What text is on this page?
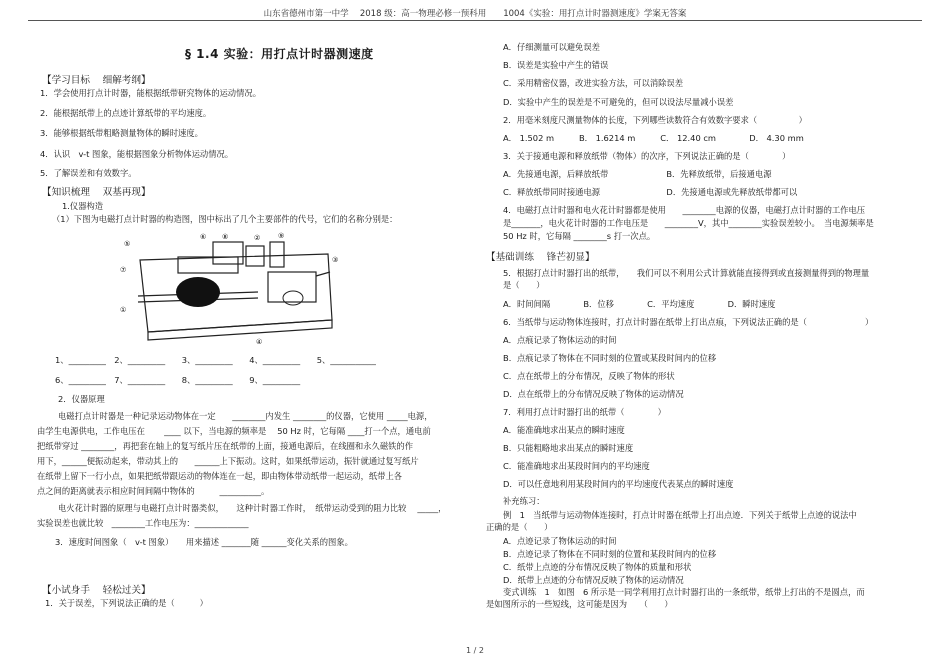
山东省德州市第一中学　 2018 级：高一物理必修一预科用　　1004《实验：用打点计时器测速度》学案无答案
§ 1.4 实验：用打点计时器测速度
【学习目标　 细解考纲】
1．学会使用打点计时器，能根据纸带研究物体的运动情况。
2．能根据纸带上的点迹计算纸带的平均速度。
3．能够根据纸带粗略测量物体的瞬时速度。
4．认识　v-t 图象，能根据图象分析物体运动情况。
5．了解误差和有效数字。
【知识梳理　 双基再现】
1.仪器构造
（1）下图为电磁打点计时器的构造图，图中标出了几个主要部件的代号，它们的名称分别是：
⑤
⑥ ⑧	②	⑨
⑦
①
③
④
1、_________　2、_________　　3、_________　　4、_________　　5、___________
6、_________　7、_________　　8、_________　　9、_________
2．仪器原理
电磁打点计时器是一种记录运动物体在一定　　________内发生 ________的仪器，它使用 _____电源，
由学生电源供电，工作电压在　　 ____ 以下，当电源的频率是　 50 Hz 时，它每隔 ____打一个点，通电前
把纸带穿过 ________，再把套在轴上的复写纸片压在纸带的上面，接通电源后，在线圈和永久磁铁的作
用下，______便振动起来，带动其上的　　______上下振动。这时，如果纸带运动，振针就通过复写纸片
在纸带上留下一行小点，如果把纸带跟运动的物体连在一起，即由物体带动纸带一起运动，纸带上各
点之间的距离就表示相应时间间隔中物体的　　　__________。
电火花计时器的原理与电磁打点计时器类似，　　这种计时器工作时，　纸带运动受到的阻力比较　 _____，
实验误差也就比较　________工作电压为：_____________
3．速度时间图象（　v-t 图象）　　用来描述 _______随 ______变化关系的图象。
【小试身手　 轻松过关】
1．关于误差，下列说法正确的是（　　　）
A．仔细测量可以避免误差
B．误差是实验中产生的错误
C．采用精密仪器，改进实验方法，可以消除误差
D．实验中产生的误差是不可避免的，但可以设法尽量减小误差
2．用毫米刻度尺测量物体的长度，下列哪些读数符合有效数字要求（　　　　　）
A． 1.502 m　　　B． 1.6214 m　　　C． 12.40 cm　　　　D． 4.30 mm
3．关于接通电源和释放纸带（物体）的次序，下列说法正确的是（　　　　）
A．先接通电源，后释放纸带　　　　　　　B．先释放纸带，后接通电源
C．释放纸带同时接通电源　　　　　　　　D．先接通电源或先释放纸带都可以
4．电磁打点计时器和电火花计时器都是使用　　________电源的仪器，电磁打点计时器的工作电压
是_______，电火花计时器的工作电压是　　________V，其中________实验误差较小。　当电源频率是
50 Hz 时，它每隔 ________s 打一次点。
【基础训练　 锋芒初显】
5．根据打点计时器打出的纸带，　　我们可以不利用公式计算就能直接得到或直接测量得到的物理量
是（　　）
A．时间间隔　　　　B．位移　　　　C．平均速度　　　　D．瞬时速度
6．当纸带与运动物体连接时，打点计时器在纸带上打出点痕，下列说法正确的是（　　　　　　　）
A．点痕记录了物体运动的时间
B．点痕记录了物体在不同时刻的位置或某段时间内的位移
C．点在纸带上的分布情况，反映了物体的形状
D．点在纸带上的分布情况反映了物体的运动情况
7．利用打点计时器打出的纸带（　　　　）
A．能准确地求出某点的瞬时速度
B．只能粗略地求出某点的瞬时速度
C．能准确地求出某段时间内的平均速度
D．可以任意地利用某段时间内的平均速度代表某点的瞬时速度
补充练习：
例　1　当纸带与运动物体连接时，打点计时器在纸带上打出点迹．下列关于纸带上点迹的说法中
正确的是（　　）
A．点迹记录了物体运动的时间
B．点迹记录了物体在不同时刻的位置和某段时间内的位移
C．纸带上点迹的分布情况反映了物体的质量和形状
D．纸带上点迹的分布情况反映了物体的运动情况
变式训练　1　如图　6 所示是一同学利用打点计时器打出的一条纸带，纸带上打出的不是圆点，而
是如图所示的一些短线，这可能是因为　　（　　）
1 / 2
